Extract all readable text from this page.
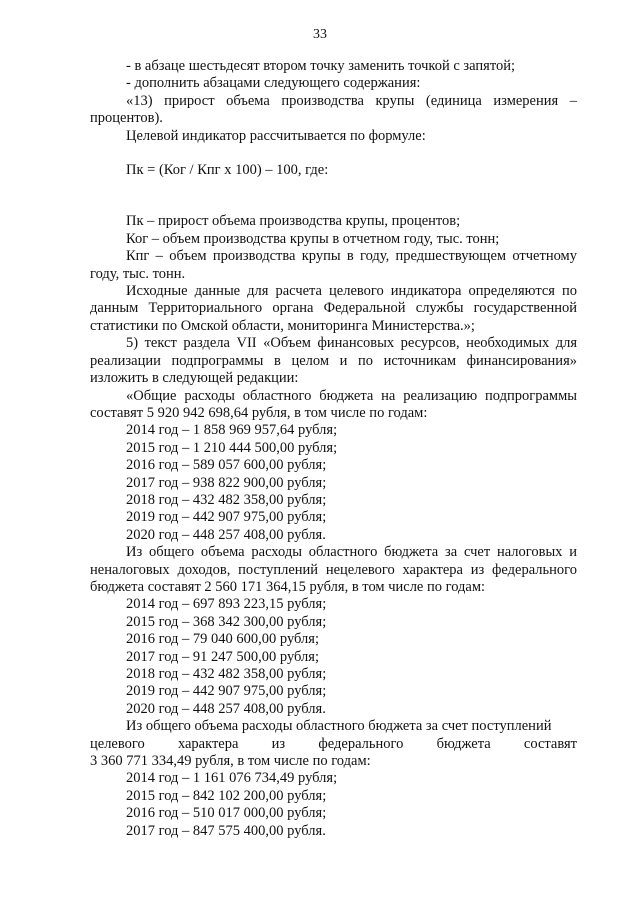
33

- в абзаце шестьдесят втором точку заменить точкой с запятой;

- дополнить абзацами следующего содержания:

«13) прирост объема производства крупы (единица измерения – процентов).

Целевой индикатор рассчитывается по формуле:

Пк = (Ког / Кпг х 100) – 100, где:

Пк – прирост объема производства крупы, процентов;

Ког – объем производства крупы в отчетном году, тыс. тонн;

Кпг – объем производства крупы в году, предшествующем отчетному году, тыс. тонн.

Исходные данные для расчета целевого индикатора определяются по данным Территориального органа Федеральной службы государственной статистики по Омской области, мониторинга Министерства.»;

5) текст раздела VII «Объем финансовых ресурсов, необходимых для реализации подпрограммы в целом и по источникам финансирования» изложить в следующей редакции:

«Общие расходы областного бюджета на реализацию подпрограммы составят 5 920 942 698,64 рубля, в том числе по годам:

2014 год – 1 858 969 957,64 рубля;

2015 год – 1 210 444 500,00 рубля;

2016 год – 589 057 600,00 рубля;

2017 год – 938 822 900,00 рубля;

2018 год – 432 482 358,00 рубля;

2019 год – 442 907 975,00 рубля;

2020 год – 448 257 408,00 рубля.

Из общего объема расходы областного бюджета за счет налоговых и неналоговых доходов, поступлений нецелевого характера из федерального бюджета составят 2 560 171 364,15 рубля, в том числе по годам:

2014 год – 697 893 223,15 рубля;

2015 год – 368 342 300,00 рубля;

2016 год – 79 040 600,00 рубля;

2017 год – 91 247 500,00 рубля;

2018 год – 432 482 358,00 рубля;

2019 год – 442 907 975,00 рубля;

2020 год – 448 257 408,00 рубля.

Из общего объема расходы областного бюджета за счет поступлений

целевого характера из федерального бюджета составят

3 360 771 334,49 рубля, в том числе по годам:

2014 год – 1 161 076 734,49 рубля;

2015 год – 842 102 200,00 рубля;

2016 год – 510 017 000,00 рубля;

2017 год – 847 575 400,00 рубля.
